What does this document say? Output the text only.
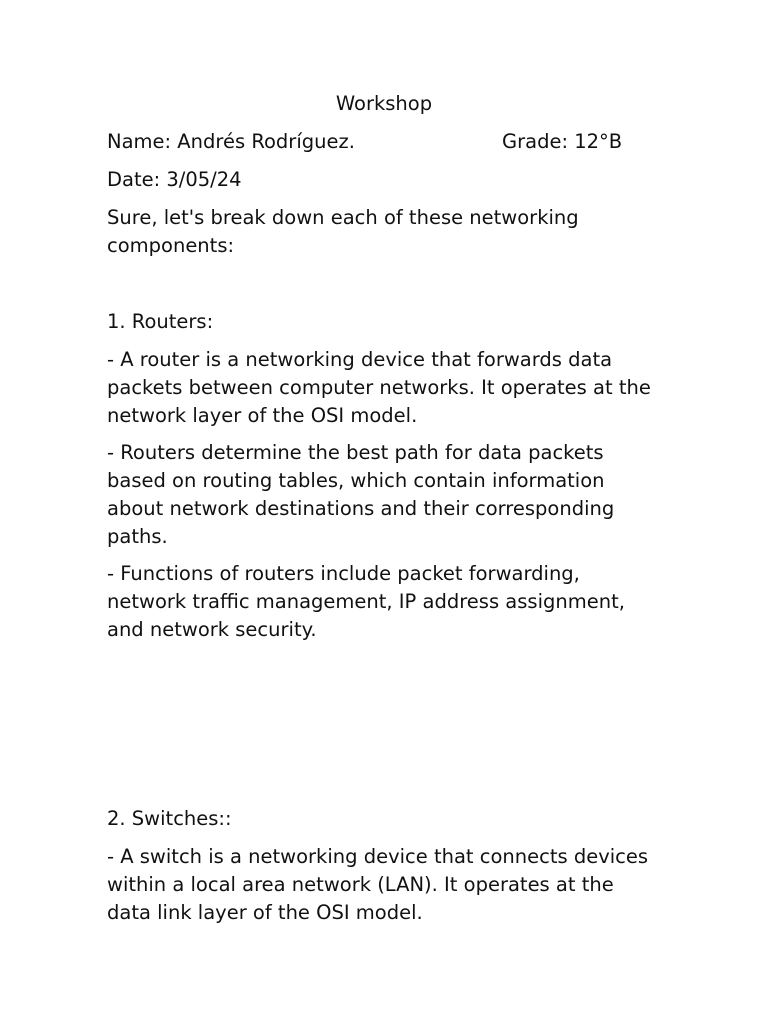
Workshop

Name: Andrés Rodríguez.	Grade: 12°B

Date: 3/05/24

Sure, let's break down each of these networking components:

1. Routers:

- A router is a networking device that forwards data packets between computer networks. It operates at the network layer of the OSI model.

- Routers determine the best path for data packets based on routing tables, which contain information about network destinations and their corresponding paths.

- Functions of routers include packet forwarding, network traffic management, IP address assignment, and network security.

2. Switches::

- A switch is a networking device that connects devices within a local area network (LAN). It operates at the data link layer of the OSI model.
